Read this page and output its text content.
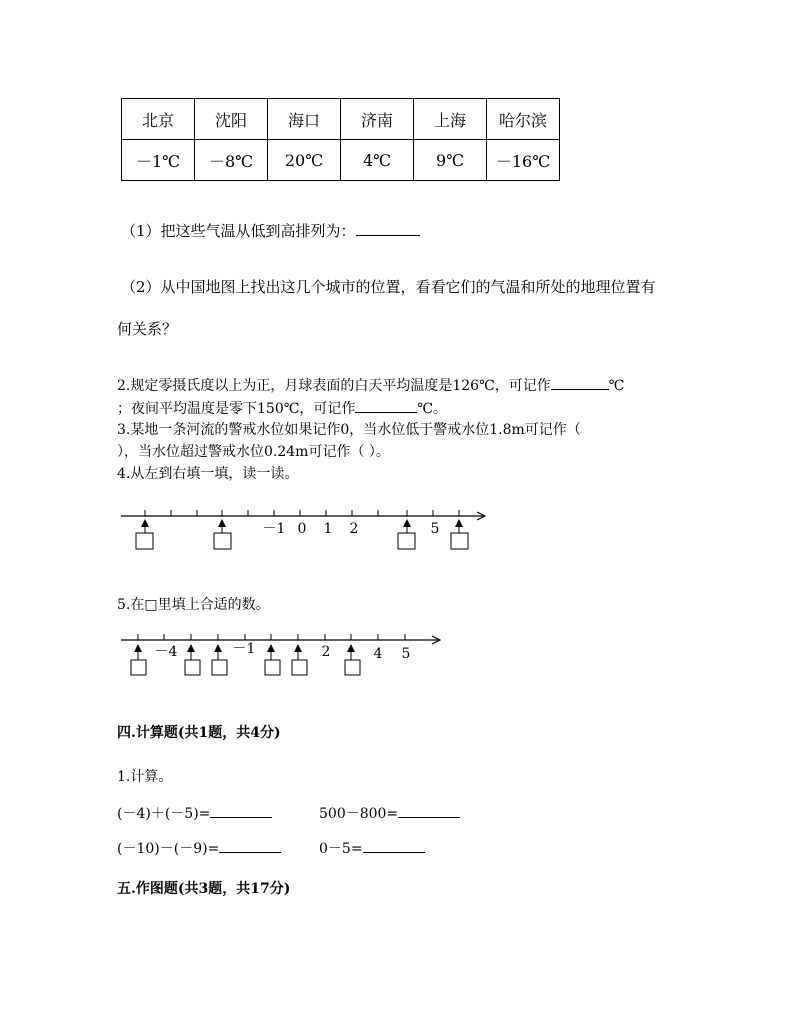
北京	沈阳	海口	济南	上海	哈尔滨
－1℃	－8℃	20℃	4℃	9℃	－16℃
（1）把这些气温从低到高排列为：
（2）从中国地图上找出这几个城市的位置，看看它们的气温和所处的地理位置有
何关系？
2.规定零摄氏度以上为正，月球表面的白天平均温度是126℃，可记作	℃
；夜间平均温度是零下150℃，可记作	℃。
3.某地一条河流的警戒水位如果记作0，当水位低于警戒水位1.8m可记作（
），当水位超过警戒水位0.24m可记作（ ）。
4.从左到右填一填，读一读。
－1 0 1 2	5
－4	－1	2	4 5
5.在□里填上合适的数。
四.计算题(共1题，共4分)
1.计算。
(－4)＋(－5)=	500－800=
(－10)－(－9)=	0－5=
五.作图题(共3题，共17分)
